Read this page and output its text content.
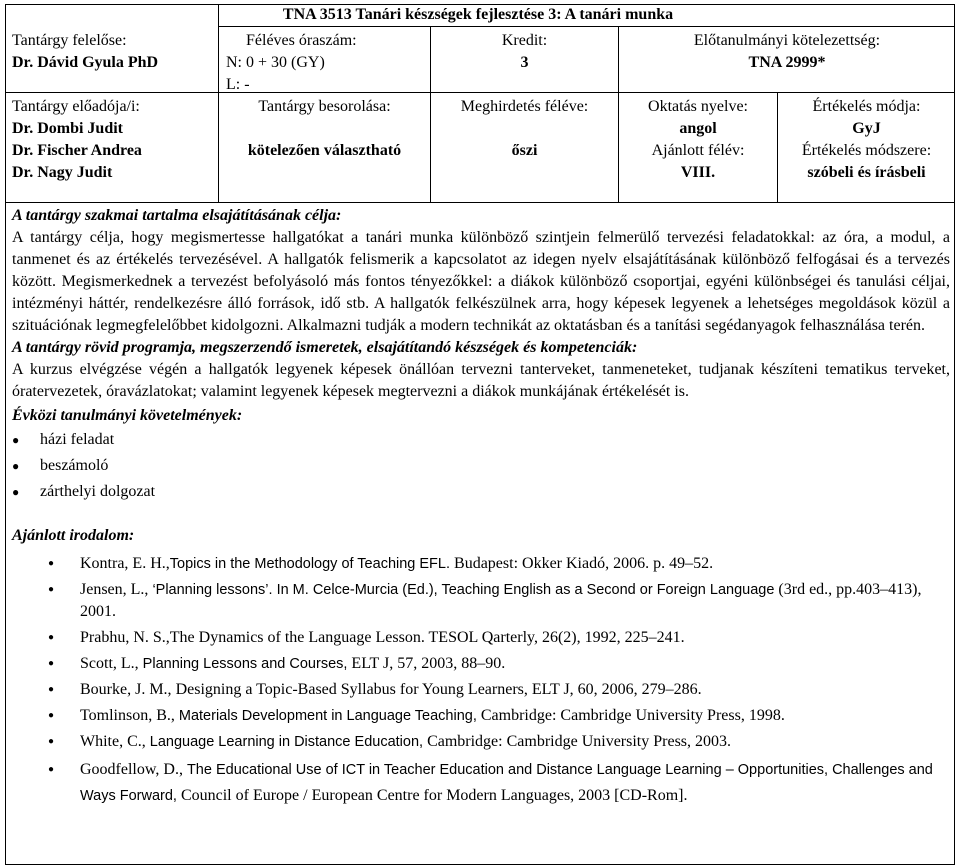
TNA 3513 Tanári készségek fejlesztése 3: A tanári munka
Tantárgy felelőse:
Dr. Dávid Gyula PhD
Féléves óraszám:
N: 0 + 30 (GY)
L: -
Kredit:
3
Előtanulmányi kötelezettség:
TNA 2999*
Tantárgy előadója/i:
Dr. Dombi Judit
Dr. Fischer Andrea
Dr. Nagy Judit
Tantárgy besorolása:

kötelezően választható
Meghirdetés féléve:

őszi
Oktatás nyelve:
angol
Ajánlott félév:
VIII.
Értékelés módja:
GyJ
Értékelés módszere:
szóbeli és írásbeli
A tantárgy szakmai tartalma elsajátításának célja:
A tantárgy célja, hogy megismertesse hallgatókat a tanári munka különböző szintjein felmerülő tervezési feladatokkal: az óra, a modul, a tanmenet és az értékelés tervezésével. A hallgatók felismerik a kapcsolatot az idegen nyelv elsajátításának különböző felfogásai és a tervezés között. Megismerkednek a tervezést befolyásoló más fontos tényezőkkel: a diákok különböző csoportjai, egyéni különbségei és tanulási céljai, intézményi háttér, rendelkezésre álló források, idő stb. A hallgatók felkészülnek arra, hogy képesek legyenek a lehetséges megoldások közül a szituációnak legmegfelelőbbet kidolgozni. Alkalmazni tudják a modern technikát az oktatásban és a tanítási segédanyagok felhasználása terén.
A tantárgy rövid programja, megszerzendő ismeretek, elsajátítandó készségek és kompetenciák:
A kurzus elvégzése végén a hallgatók legyenek képesek önállóan tervezni tanterveket, tanmeneteket, tudjanak készíteni tematikus terveket, óratervezetek, óravázlatokat; valamint legyenek képesek megtervezni a diákok munkájának értékelését is.
Évközi tanulmányi követelmények:
● házi feladat
● beszámoló
● zárthelyi dolgozat
Ajánlott irodalom:
● Kontra, E. H.,Topics in the Methodology of Teaching EFL. Budapest: Okker Kiadó, 2006. p. 49–52.
● Jensen, L., ‘Planning lessons’. In M. Celce-Murcia (Ed.), Teaching English as a Second or Foreign Language (3rd ed., pp.403–413), 2001.
● Prabhu, N. S.,The Dynamics of the Language Lesson. TESOL Qarterly, 26(2), 1992, 225–241.
● Scott, L., Planning Lessons and Courses, ELT J, 57, 2003, 88–90.
● Bourke, J. M., Designing a Topic-Based Syllabus for Young Learners, ELT J, 60, 2006, 279–286.
● Tomlinson, B., Materials Development in Language Teaching, Cambridge: Cambridge University Press, 1998.
● White, C., Language Learning in Distance Education, Cambridge: Cambridge University Press, 2003.
● Goodfellow, D., The Educational Use of ICT in Teacher Education and Distance Language Learning – Opportunities, Challenges and Ways Forward, Council of Europe / European Centre for Modern Languages, 2003 [CD-Rom].
